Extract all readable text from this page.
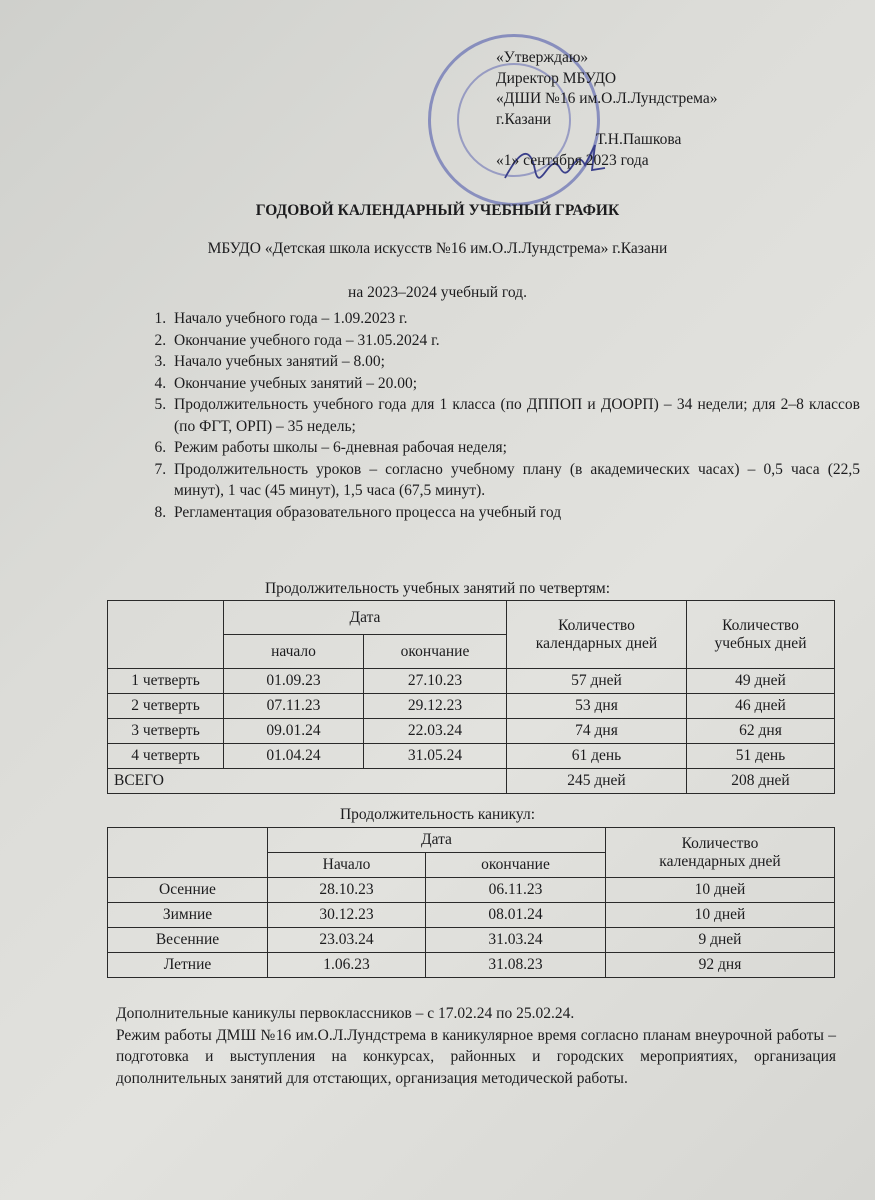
«Утверждаю»
Директор МБУДО
«ДШИ №16 им.О.Л.Лундстрема»
г.Казани
Т.Н.Пашкова
«1» сентября 2023 года
ГОДОВОЙ КАЛЕНДАРНЫЙ УЧЕБНЫЙ ГРАФИК
МБУДО «Детская школа искусств №16 им.О.Л.Лундстрема» г.Казани
на 2023–2024 учебный год.
1. Начало учебного года – 1.09.2023 г.
2. Окончание учебного года – 31.05.2024 г.
3. Начало учебных занятий – 8.00;
4. Окончание учебных занятий – 20.00;
5. Продолжительность учебного года для 1 класса (по ДППОП и ДООРП) – 34 недели; для 2–8 классов (по ФГТ, ОРП) – 35 недель;
6. Режим работы школы – 6-дневная рабочая неделя;
7. Продолжительность уроков – согласно учебному плану (в академических часах) – 0,5 часа (22,5 минут), 1 час (45 минут), 1,5 часа (67,5 минут).
8. Регламентация образовательного процесса на учебный год
Продолжительность учебных занятий по четвертям:
	Дата		Количество календарных дней	Количество учебных дней
	начало	окончание		
1 четверть	01.09.23	27.10.23	57 дней	49 дней
2 четверть	07.11.23	29.12.23	53 дня	46 дней
3 четверть	09.01.24	22.03.24	74 дня	62 дня
4 четверть	01.04.24	31.05.24	61 день	51 день
ВСЕГО			245 дней	208 дней
Продолжительность каникул:
	Дата		Количество календарных дней
	Начало	окончание	
Осенние	28.10.23	06.11.23	10 дней
Зимние	30.12.23	08.01.24	10 дней
Весенние	23.03.24	31.03.24	9 дней
Летние	1.06.23	31.08.23	92 дня
Дополнительные каникулы первоклассников – с 17.02.24 по 25.02.24.
Режим работы ДМШ №16 им.О.Л.Лундстрема в каникулярное время согласно планам внеурочной работы – подготовка и выступления на конкурсах, районных и городских мероприятиях, организация дополнительных занятий для отстающих, организация методической работы.
